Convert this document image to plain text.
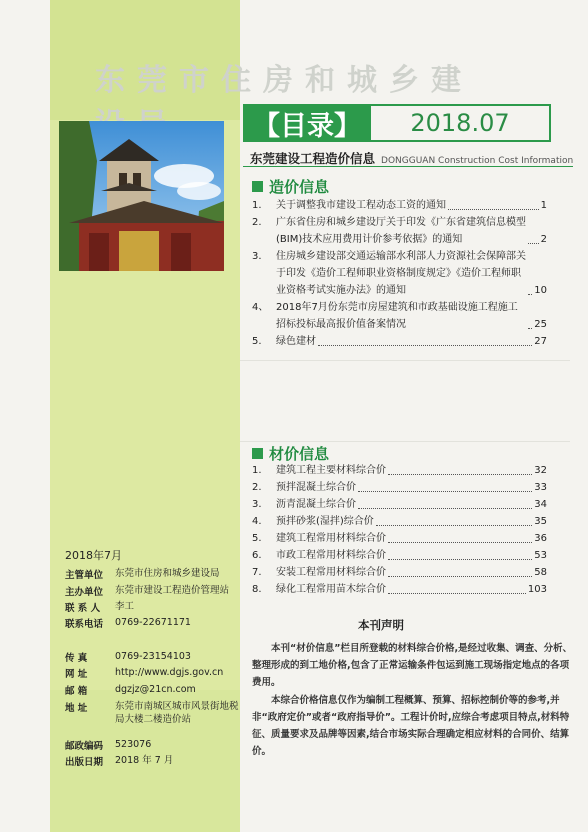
东莞市住房和城乡建
【目录】	2018.07
东莞建设工程造价信息 DONGGUAN Construction Cost Information
造价信息
1.	关于调整我市建设工程动态工资的通知	1
2.	广东省住房和城乡建设厅关于印发《广东省建筑信息模型(BIM)技术应用费用计价参考依据》的通知	2
3.	住房城乡建设部交通运输部水利部人力资源社会保障部关于印发《造价工程师职业资格制度规定》《造价工程师职业资格考试实施办法》的通知	10
4、 2018年7月份东莞市房屋建筑和市政基础设施工程施工招标投标最高报价值备案情况	25
5.	绿色建材	27
材价信息
1.	建筑工程主要材料综合价	32
2.	预拌混凝土综合价	33
3.	沥青混凝土综合价	34
4.	预拌砂浆(湿拌)综合价	35
5.	建筑工程常用材料综合价	36
6.	市政工程常用材料综合价	53
7.	安装工程常用材料综合价	58
8.	绿化工程常用苗木综合价	103
2018年7月
主管单位	东莞市住房和城乡建设局
主办单位	东莞市建设工程造价管理站
联 系 人	李工
联系电话	0769-22671171
传 真	0769-23154103
网 址	http://www.dgjs.gov.cn
邮 箱	dgzjz@21cn.com
地 址	东莞市南城区城市风景街地税局大楼二楼造价站
邮政编码	523076
出版日期	2018 年 7 月
本刊声明
本刊“材价信息”栏目所登载的材料综合价格,是经过收集、调查、分析、整理形成的到工地价格,包含了正常运输条件包运到施工现场指定地点的各项费用。
本综合价格信息仅作为编制工程概算、预算、招标控制价等的参考,并非“政府定价”或者“政府指导价”。工程计价时,应综合考虑项目特点,材料特征、质量要求及品牌等因素,结合市场实际合理确定相应材料的合同价、结算价。
